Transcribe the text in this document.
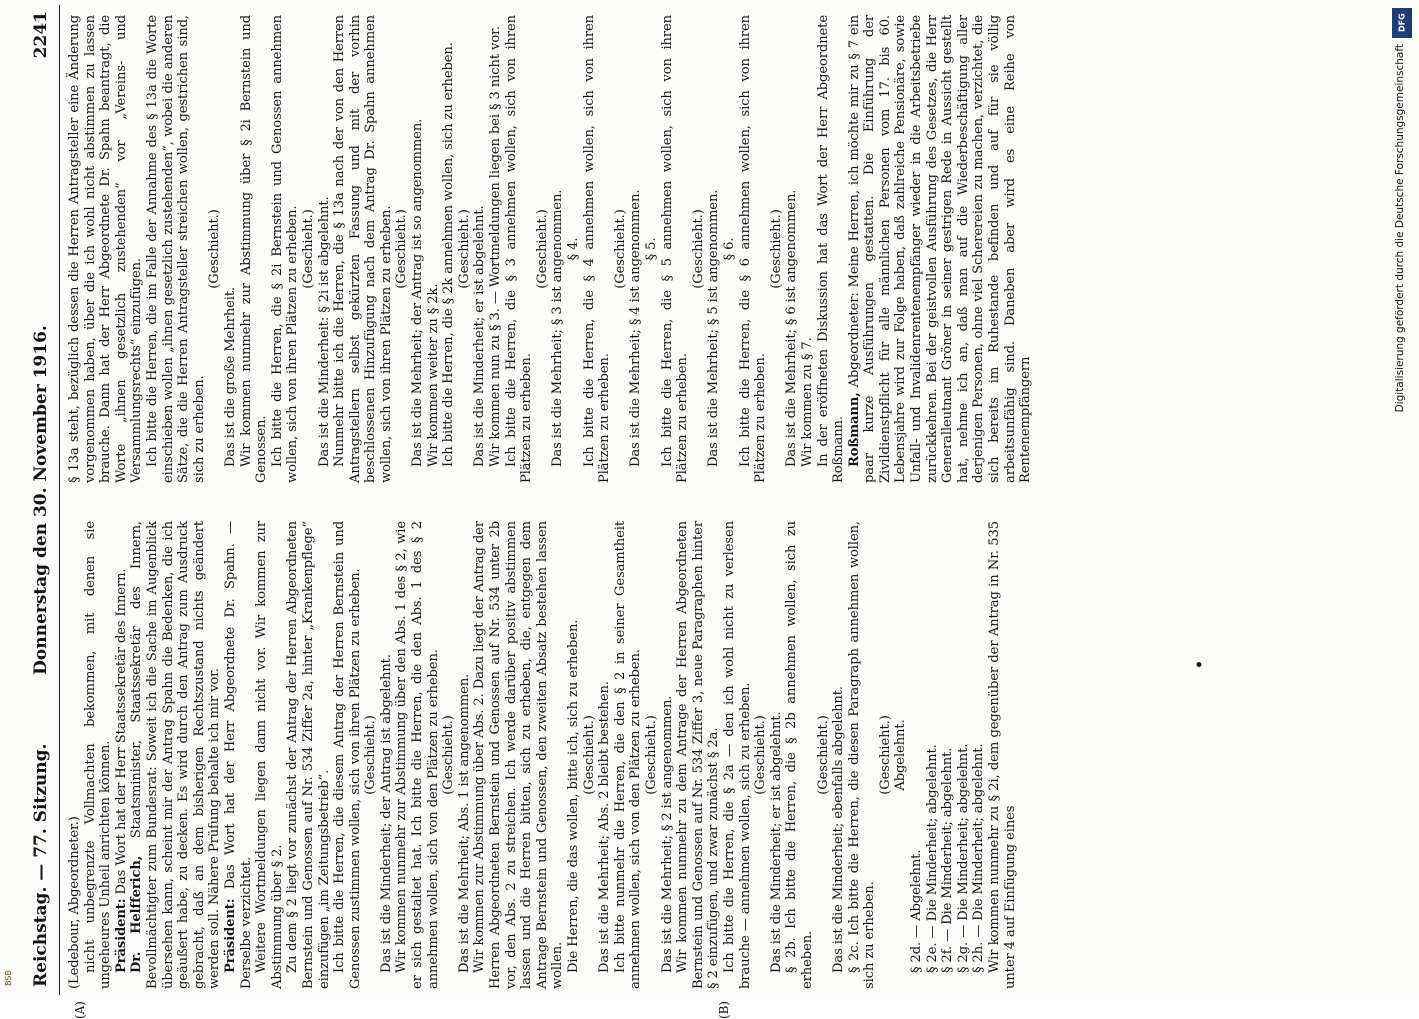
Reichstag. — 77. Sitzung.
Donnerstag den 30. November 1916.
2241
(A)	(B)

(Ledebour, Abgeordneter.) nicht unbegrenzte Vollmachten bekommen, mit denen sie ungeheures Unheil anrichten können. Präsident: Das Wort hat der Herr Staatssekretär des Innern.

Dr. Helfferich, Staatsminister, Staatssekretär des Innern, Bevollmächtigter zum Bundesrat: Soweit ich die Sache im Augenblick übersehen kann, scheint mir der Antrag Spahn die Bedenken, die ich geäußert habe, zu decken. Es wird durch den Antrag zum Ausdruck gebracht, daß an dem bisherigen Rechtszustand nichts geändert werden soll. Nähere Prüfung behalte ich mir vor. Präsident: Das Wort hat der Herr Abgeordnete Dr. Spahn. — Derselbe verzichtet. Weitere Wortmeldungen liegen dann nicht vor. Wir kommen zur Abstimmung über § 2. Zu dem § 2 liegt vor zunächst der Antrag der Herren Abgeordneten Bernstein und Genossen auf Nr. 534 Ziffer 2a, hinter „Krankenpflege“ einzufügen „im Zeitungsbetrieb“. Ich bitte die Herren, die diesem Antrag der Herren Bernstein und Genossen zustimmen wollen, sich von ihren Plätzen zu erheben. (Geschieht.) Das ist die Minderheit; der Antrag ist abgelehnt. Wir kommen nunmehr zur Abstimmung über den Abs. 1 des § 2, wie er sich gestaltet hat. Ich bitte die Herren, die den Abs. 1 des § 2 annehmen wollen, sich von den Plätzen zu erheben. (Geschieht.) Das ist die Mehrheit; Abs. 1 ist angenommen. Wir kommen zur Abstimmung über Abs. 2. Dazu liegt der Antrag der Herren Abgeordneten Bernstein und Genossen auf Nr. 534 unter 2b vor, den Abs. 2 zu streichen. Ich werde darüber positiv abstimmen lassen und die Herren bitten, sich zu erheben, die, entgegen dem Antrage Bernstein und Genossen, den zweiten Absatz bestehen lassen wollen. Die Herren, die das wollen, bitte ich, sich zu erheben. (Geschieht.) Das ist die Mehrheit; Abs. 2 bleibt bestehen. Ich bitte nunmehr die Herren, die den § 2 in seiner Gesamtheit annehmen wollen, sich von den Plätzen zu erheben. (Geschieht.) Das ist die Mehrheit; § 2 ist angenommen. Wir kommen nunmehr zu dem Antrage der Herren Abgeordneten Bernstein und Genossen auf Nr. 534 Ziffer 3, neue Paragraphen hinter § 2 einzufügen, und zwar zunächst § 2a. Ich bitte die Herren, die § 2a — den ich wohl nicht zu verlesen brauche — annehmen wollen, sich zu erheben. (Geschieht.) Das ist die Minderheit; er ist abgelehnt. § 2b. Ich bitte die Herren, die § 2b annehmen wollen, sich zu erheben.

(Geschieht.) Das ist die Minderheit; ebenfalls abgelehnt. § 2c. Ich bitte die Herren, die diesen Paragraph annehmen wollen, sich zu erheben.

(Geschieht.) Abgelehnt.

§ 2d. — Abgelehnt. § 2e. — Die Minderheit; abgelehnt. § 2f. — Die Minderheit; abgelehnt. § 2g. — Die Minderheit; abgelehnt. § 2h. — Die Minderheit; abgelehnt. Wir kommen nunmehr zu § 2i, dem gegenüber der Antrag in Nr. 535 unter 4 auf Einfügung eines

•

§ 13a steht, bezüglich dessen die Herren Antragsteller eine Änderung vorgenommen haben, über die ich wohl nicht abstimmen zu lassen brauche. Dann hat der Herr Abgeordnete Dr. Spahn beantragt, die Worte „ihnen gesetzlich zustehenden“ vor „Vereins- und Versammlungsrechts“ einzufügen. Ich bitte die Herren, die im Falle der Annahme des § 13a die Worte einschieben wollen „ihnen gesetzlich zustehenden“, wobei die anderen Sätze, die die Herren Antragsteller streichen wollen, gestrichen sind, sich zu erheben.

(Geschieht.)

Das ist die große Mehrheit. Wir kommen nunmehr zur Abstimmung über § 2i Bernstein und Genossen. Ich bitte die Herren, die § 2i Bernstein und Genossen annehmen wollen, sich von ihren Plätzen zu erheben. (Geschieht.) Das ist die Minderheit: § 2i ist abgelehnt. Nunmehr bitte ich die Herren, die § 13a nach der von den Herren Antragstellern selbst gekürzten Fassung und mit der vorhin beschlossenen Hinzufügung nach dem Antrag Dr. Spahn annehmen wollen, sich von ihren Plätzen zu erheben. (Geschieht.) Das ist die Mehrheit; der Antrag ist so angenommen. Wir kommen weiter zu § 2k. Ich bitte die Herren, die § 2k annehmen wollen, sich zu erheben. (Geschieht.) Das ist die Minderheit; er ist abgelehnt. Wir kommen nun zu § 3. — Wortmeldungen liegen bei § 3 nicht vor. Ich bitte die Herren, die § 3 annehmen wollen, sich von ihren Plätzen zu erheben.

(Geschieht.) Das ist die Mehrheit; § 3 ist angenommen. § 4. Ich bitte die Herren, die § 4 annehmen wollen, sich von ihren Plätzen zu erheben.

(Geschieht.) Das ist die Mehrheit; § 4 ist angenommen. § 5. Ich bitte die Herren, die § 5 annehmen wollen, sich von ihren Plätzen zu erheben.

(Geschieht.) Das ist die Mehrheit; § 5 ist angenommen. § 6. Ich bitte die Herren, die § 6 annehmen wollen, sich von ihren Plätzen zu erheben.

(Geschieht.) Das ist die Mehrheit; § 6 ist angenommen. Wir kommen zu § 7. In der eröffneten Diskussion hat das Wort der Herr Abgeordnete Roßmann. Roßmann, Abgeordneter: Meine Herren, ich möchte mir zu § 7 ein paar kurze Ausführungen gestatten. Die Einführung der Zivildienstpflicht für alle männlichen Personen vom 17. bis 60. Lebensjahre wird zur Folge haben, daß zahlreiche Pensionäre, sowie Unfall- und Invalidenrentenempfänger wieder in die Arbeitsbetriebe zurückkehren. Bei der geistvollen Ausführung des Gesetzes, die Herr Generalleutnant Gröner in seiner gestrigen Rede in Aussicht gestellt hat, nehme ich an, daß man auf die Wiederbeschäftigung aller derjenigen Personen, ohne viel Scherereien zu machen, verzichtet, die sich bereits im Ruhestande befinden und auf für sie völlig arbeitsunfähig sind. Daneben aber wird es eine Reihe von Rentenempfängern

DFG
Digitalisierung gefördert durch die Deutsche Forschungsgemeinschaft
BSB
